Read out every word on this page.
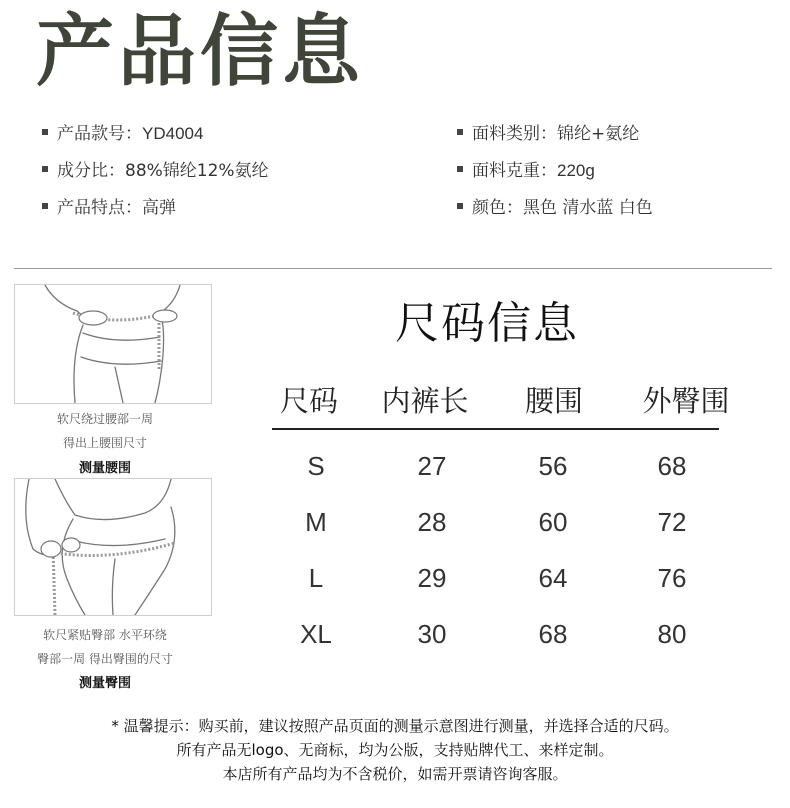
产品信息
产品款号：YD4004	面料类别：锦纶+氨纶
成分比：88%锦纶12%氨纶	面料克重：220g
产品特点：高弹	颜色：黑色 清水蓝 白色
软尺绕过腰部一周
得出上腰围尺寸
测量腰围
软尺紧贴臀部 水平环绕
臀部一周 得出臀围的尺寸
测量臀围
尺码信息
尺码 内裤长 腰围 外臀围
S	27	56	68
M	28	60	72
L	29	64	76
XL	30	68	80
* 温馨提示：购买前，建议按照产品页面的测量示意图进行测量，并选择合适的尺码。
所有产品无logo、无商标，均为公版，支持贴牌代工、来样定制。
本店所有产品均为不含税价，如需开票请咨询客服。
